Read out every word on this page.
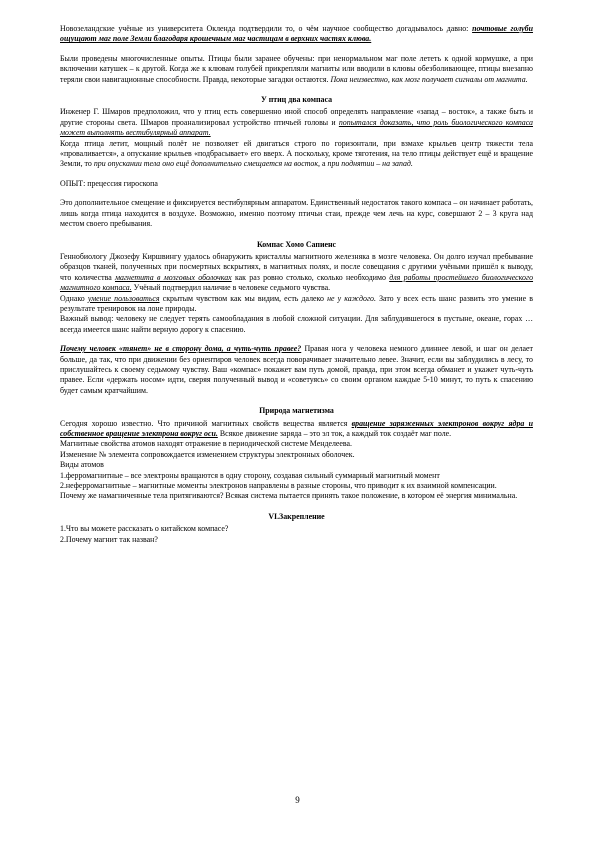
Новозеландские учёные из университета Окленда подтвердили то, о чём научное сообщество догадывалось давно: почтовые голуби ощущают маг поле Земли благодаря крошечным маг частицам в верхних частях клюва.

Были проведены многочисленные опыты. Птицы были заранее обучены: при ненормальном маг поле лететь к одной кормушке, а при включении катушек – к другой. Когда же к клювам голубей прикрепляли магниты или вводили в клювы обезболивающее, птицы внезапно теряли свои навигационные способности. Правда, некоторые загадки остаются. Пока неизвестно, как мозг получает сигналы от магнита.

У птиц два компаса

Инженер Г. Шмаров предположил, что у птиц есть совершенно иной способ определять направление «запад – восток», а также быть и другие стороны света. Шмаров проанализировал устройство птичьей головы и попытался доказать, что роль биологического компаса может выполнять вестибулярный аппарат.

Когда птица летит, мощный полёт не позволяет ей двигаться строго по горизонтали, при взмахе крыльев центр тяжести тела «проваливается», а опускание крыльев «подбрасывает» его вверх. А поскольку, кроме тяготения, на тело птицы действует ещё и вращение Земли, то при опускании тела оно ещё дополнительно смещается на восток, а при поднятии – на запад.

ОПЫТ: прецессия гироскопа

Это дополнительное смещение и фиксируется вестибулярным аппаратом. Единственный недостаток такого компаса – он начинает работать, лишь когда птица находится в воздухе. Возможно, именно поэтому птичьи стаи, прежде чем лечь на курс, совершают 2 – 3 круга над местом своего пребывания.

Компас Хомо Сапиенс

Геннобиологу Джозефу Киршвингу удалось обнаружить кристаллы магнитного железняка в мозге человека. Он долго изучал пребывание образцов тканей, полученных при посмертных вскрытиях, в магнитных полях, и после совещания с другими учёными пришёл к выводу, что количества магнетита в мозговых оболочках как раз ровно столько, сколько необходимо для работы простейшего биологического магнитного компаса. Учёный подтвердил наличие в человеке седьмого чувства.

Однако умение пользоваться скрытым чувством как мы видим, есть далеко не у каждого. Зато у всех есть шанс развить это умение в результате тренировок на лоне природы.

Важный вывод: человеку не следует терять самообладания в любой сложной ситуации. Для заблудившегося в пустыне, океане, горах … всегда имеется шанс найти верную дорогу к спасению.

Почему человек «тянет» не в сторону дома, а чуть-чуть правее? Правая нога у человека немного длиннее левой, и шаг он делает больше, да так, что при движении без ориентиров человек всегда поворачивает значительно левее. Значит, если вы заблудились в лесу, то прислушайтесь к своему седьмому чувству. Ваш «компас» покажет вам путь домой, правда, при этом всегда обманет и укажет чуть-чуть правее. Если «держать носом» идти, сверяя полученный вывод и «советуясь» со своим органом каждые 5-10 минут, то путь к спасению будет самым кратчайшим.

Природа магнетизма

Сегодня хорошо известно. Что причиной магнитных свойств вещества является вращение заряженных электронов вокруг ядра и собственное вращение электрона вокруг оси. Всякое движение заряда – это эл ток, а каждый ток создаёт маг поле.

Магнитные свойства атомов находят отражение в периодической системе Менделеева.

Изменение № элемента сопровождается изменением структуры электронных оболочек.

Виды атомов

1.ферромагнитные – все электроны вращаются в одну сторону, создавая сильный суммарный магнитный момент

2.неферромагнитные – магнитные моменты электронов направлены в разные стороны, что приводит к их взаимной компенсации.

Почему же намагниченные тела притягиваются? Всякая система пытается принять такое положение, в котором её энергия минимальна.

VI.Закрепление

1.Что вы можете рассказать о китайском компасе?

2.Почему магнит так назван?

9
